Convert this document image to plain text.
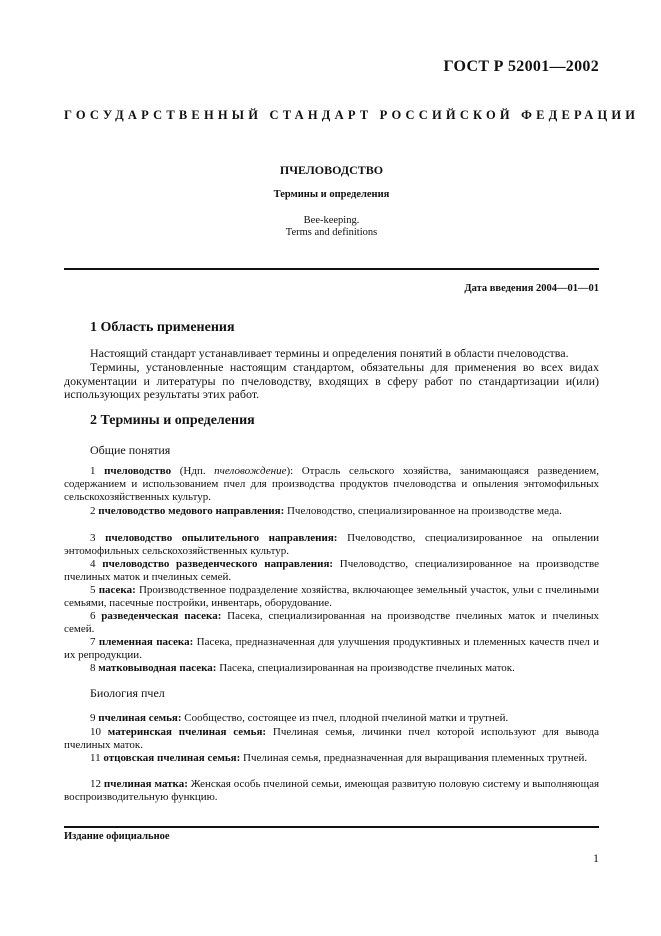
ГОСТ Р 52001—2002
ГОСУДАРСТВЕННЫЙ СТАНДАРТ РОССИЙСКОЙ ФЕДЕРАЦИИ
ПЧЕЛОВОДСТВО
Термины и определения
Bee-keeping.
Terms and definitions
Дата введения 2004—01—01
1 Область применения
Настоящий стандарт устанавливает термины и определения понятий в области пчеловодства.
Термины, установленные настоящим стандартом, обязательны для применения во всех видах документации и литературы по пчеловодству, входящих в сферу работ по стандартизации и(или) использующих результаты этих работ.
2 Термины и определения
Общие понятия
1 пчеловодство (Ндп. пчеловождение): Отрасль сельского хозяйства, занимающаяся разведением, содержанием и использованием пчел для производства продуктов пчеловодства и опыления энтомофильных сельскохозяйственных культур.
2 пчеловодство медового направления: Пчеловодство, специализированное на производстве меда.
3 пчеловодство опылительного направления: Пчеловодство, специализированное на опылении энтомофильных сельскохозяйственных культур.
4 пчеловодство разведенческого направления: Пчеловодство, специализированное на производстве пчелиных маток и пчелиных семей.
5 пасека: Производственное подразделение хозяйства, включающее земельный участок, ульи с пчелиными семьями, пасечные постройки, инвентарь, оборудование.
6 разведенческая пасека: Пасека, специализированная на производстве пчелиных маток и пчелиных семей.
7 племенная пасека: Пасека, предназначенная для улучшения продуктивных и племенных качеств пчел и их репродукции.
8 матковыводная пасека: Пасека, специализированная на производстве пчелиных маток.
Биология пчел
9 пчелиная семья: Сообщество, состоящее из пчел, плодной пчелиной матки и трутней.
10 материнская пчелиная семья: Пчелиная семья, личинки пчел которой используют для вывода пчелиных маток.
11 отцовская пчелиная семья: Пчелиная семья, предназначенная для выращивания племенных трутней.
12 пчелиная матка: Женская особь пчелиной семьи, имеющая развитую половую систему и выполняющая воспроизводительную функцию.
Издание официальное
1
